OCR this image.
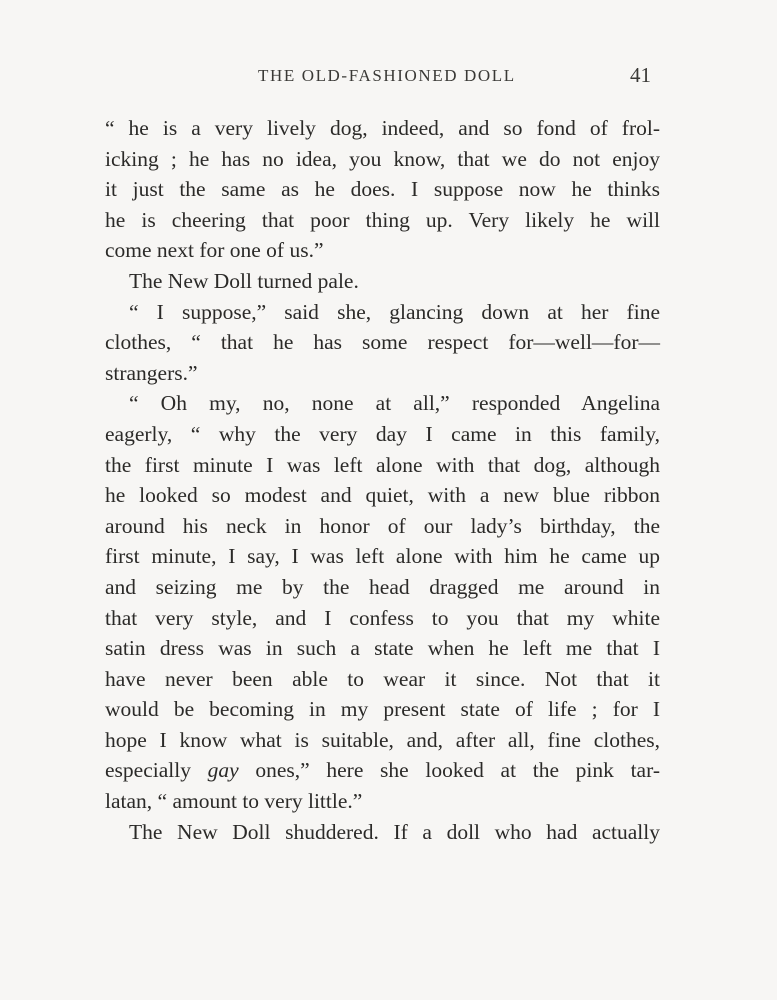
THE OLD-FASHIONED DOLL	41
“ he is a very lively dog, indeed, and so fond of frol-
icking ; he has no idea, you know, that we do not enjoy
it just the same as he does. I suppose now he thinks
he is cheering that poor thing up. Very likely he will
come next for one of us.”
The New Doll turned pale.
“ I suppose,” said she, glancing down at her fine
clothes, “ that he has some respect for—well—for—
strangers.”
“ Oh my, no, none at all,” responded Angelina
eagerly, “ why the very day I came in this family,
the first minute I was left alone with that dog, although
he looked so modest and quiet, with a new blue ribbon
around his neck in honor of our lady’s birthday, the
first minute, I say, I was left alone with him he came up
and seizing me by the head dragged me around in
that very style, and I confess to you that my white
satin dress was in such a state when he left me that I
have never been able to wear it since. Not that it
would be becoming in my present state of life ; for I
hope I know what is suitable, and, after all, fine clothes,
especially gay ones,” here she looked at the pink tar-
latan, “ amount to very little.”
The New Doll shuddered. If a doll who had actually
